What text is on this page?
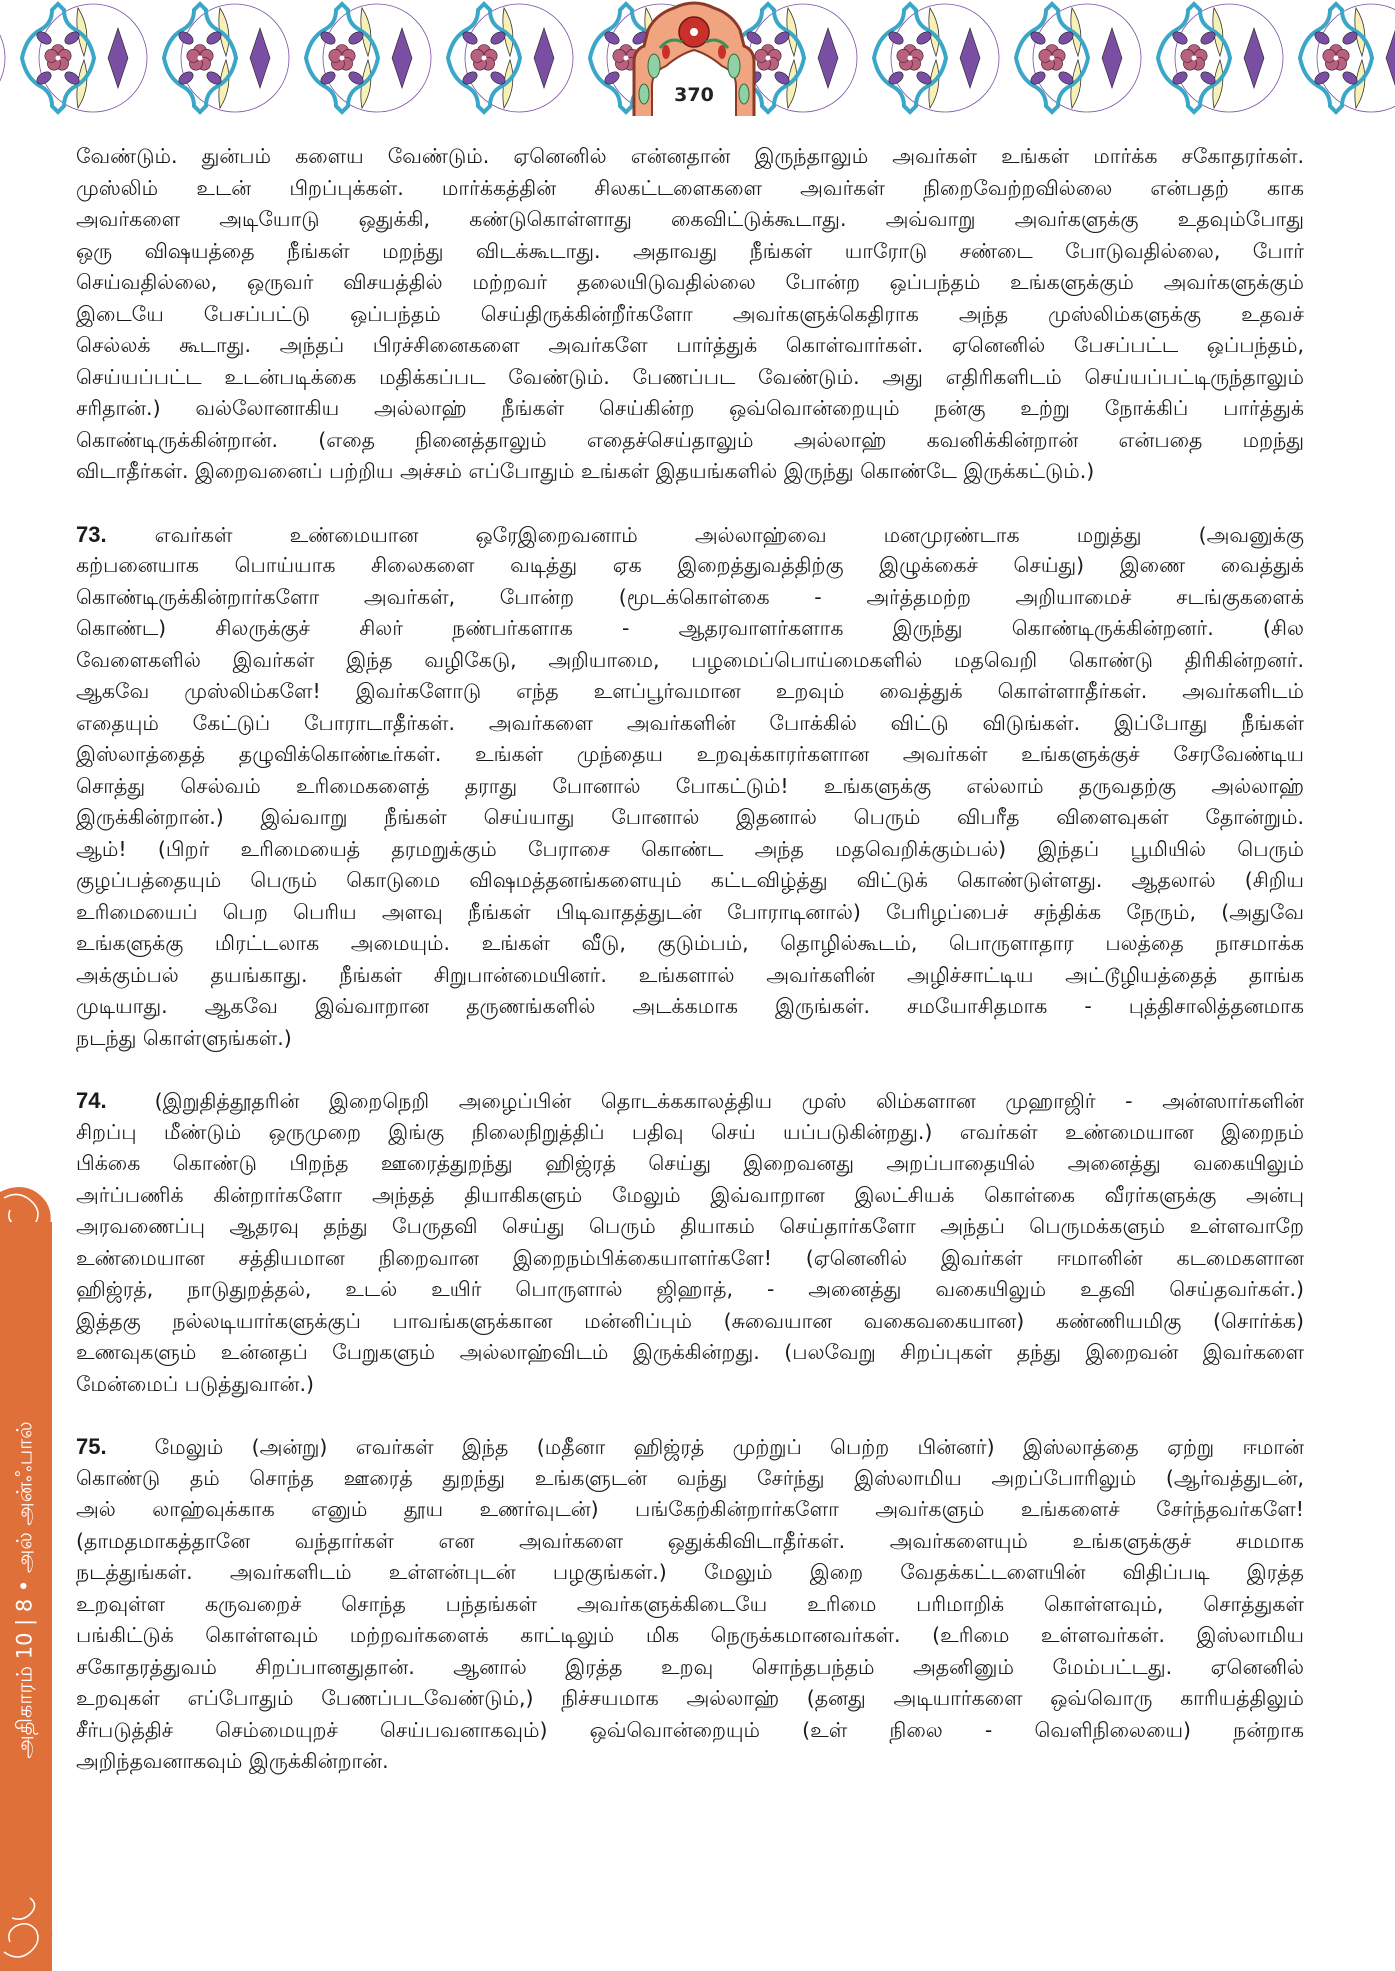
370
அதிகாரம் 10 | 8 • அல் அன்ஃபால்
வேண்டும். துன்பம் களைய வேண்டும். ஏனெனில் என்னதான் இருந்தாலும் அவர்கள் உங்கள் மார்க்க சகோதரர்கள்.
முஸ்லிம் உடன் பிறப்புக்கள். மார்க்கத்தின் சிலகட்டளைகளை அவர்கள் நிறைவேற்றவில்லை என்பதற் காக
அவர்களை அடியோடு ஒதுக்கி, கண்டுகொள்ளாது கைவிட்டுக்கூடாது. அவ்வாறு அவர்களுக்கு உதவும்போது
ஒரு விஷயத்தை நீங்கள் மறந்து விடக்கூடாது. அதாவது நீங்கள் யாரோடு சண்டை போடுவதில்லை, போர்
செய்வதில்லை, ஒருவர் விசயத்தில் மற்றவர் தலையிடுவதில்லை போன்ற ஒப்பந்தம் உங்களுக்கும் அவர்களுக்கும்
இடையே பேசப்பட்டு ஒப்பந்தம் செய்திருக்கின்றீர்களோ அவர்களுக்கெதிராக அந்த முஸ்லிம்களுக்கு உதவச்
செல்லக் கூடாது. அந்தப் பிரச்சினைகளை அவர்களே பார்த்துக் கொள்வார்கள். ஏனெனில் பேசப்பட்ட ஒப்பந்தம்,
செய்யப்பட்ட உடன்படிக்கை மதிக்கப்பட வேண்டும். பேணப்பட வேண்டும். அது எதிரிகளிடம் செய்யப்பட்டிருந்தாலும்
சரிதான்.) வல்லோனாகிய அல்லாஹ் நீங்கள் செய்கின்ற ஒவ்வொன்றையும் நன்கு உற்று நோக்கிப் பார்த்துக்
கொண்டிருக்கின்றான். (எதை நினைத்தாலும் எதைச்செய்தாலும் அல்லாஹ் கவனிக்கின்றான் என்பதை மறந்து
விடாதீர்கள். இறைவனைப் பற்றிய அச்சம் எப்போதும் உங்கள் இதயங்களில் இருந்து கொண்டே இருக்கட்டும்.)
73. எவர்கள் உண்மையான ஒரேஇறைவனாம் அல்லாஹ்வை மனமுரண்டாக மறுத்து (அவனுக்கு
கற்பனையாக பொய்யாக சிலைகளை வடித்து ஏக இறைத்துவத்திற்கு இழுக்கைச் செய்து) இணை வைத்துக்
கொண்டிருக்கின்றார்களோ அவர்கள், போன்ற (மூடக்கொள்கை - அர்த்தமற்ற அறியாமைச் சடங்குகளைக்
கொண்ட) சிலருக்குச் சிலர் நண்பர்களாக - ஆதரவாளர்களாக இருந்து கொண்டிருக்கின்றனர். (சில
வேளைகளில் இவர்கள் இந்த வழிகேடு, அறியாமை, பழமைப்பொய்மைகளில் மதவெறி கொண்டு திரிகின்றனர்.
ஆகவே முஸ்லிம்களே! இவர்களோடு எந்த உளப்பூர்வமான உறவும் வைத்துக் கொள்ளாதீர்கள். அவர்களிடம்
எதையும் கேட்டுப் போராடாதீர்கள். அவர்களை அவர்களின் போக்கில் விட்டு விடுங்கள். இப்போது நீங்கள்
இஸ்லாத்தைத் தழுவிக்கொண்டீர்கள். உங்கள் முந்தைய உறவுக்காரர்களான அவர்கள் உங்களுக்குச் சேரவேண்டிய
சொத்து செல்வம் உரிமைகளைத் தராது போனால் போகட்டும்! உங்களுக்கு எல்லாம் தருவதற்கு அல்லாஹ்
இருக்கின்றான்.) இவ்வாறு நீங்கள் செய்யாது போனால் இதனால் பெரும் விபரீத விளைவுகள் தோன்றும்.
ஆம்! (பிறர் உரிமையைத் தரமறுக்கும் பேராசை கொண்ட அந்த மதவெறிக்கும்பல்) இந்தப் பூமியில் பெரும்
குழப்பத்தையும் பெரும் கொடுமை விஷமத்தனங்களையும் கட்டவிழ்த்து விட்டுக் கொண்டுள்ளது. ஆதலால் (சிறிய
உரிமையைப் பெற பெரிய அளவு நீங்கள் பிடிவாதத்துடன் போராடினால்) பேரிழப்பைச் சந்திக்க நேரும், (அதுவே
உங்களுக்கு மிரட்டலாக அமையும். உங்கள் வீடு, குடும்பம், தொழில்கூடம், பொருளாதார பலத்தை நாசமாக்க
அக்கும்பல் தயங்காது. நீங்கள் சிறுபான்மையினர். உங்களால் அவர்களின் அழிச்சாட்டிய அட்டூழியத்தைத் தாங்க
முடியாது. ஆகவே இவ்வாறான தருணங்களில் அடக்கமாக இருங்கள். சமயோசிதமாக - புத்திசாலித்தனமாக
நடந்து கொள்ளுங்கள்.)
74. (இறுதித்தூதரின் இறைநெறி அழைப்பின் தொடக்ககாலத்திய முஸ் லிம்களான முஹாஜிர் - அன்ஸார்களின்
சிறப்பு மீண்டும் ஒருமுறை இங்கு நிலைநிறுத்திப் பதிவு செய் யப்படுகின்றது.) எவர்கள் உண்மையான இறைநம்
பிக்கை கொண்டு பிறந்த ஊரைத்துறந்து ஹிஜ்ரத் செய்து இறைவனது அறப்பாதையில் அனைத்து வகையிலும்
அர்ப்பணிக் கின்றார்களோ அந்தத் தியாகிகளும் மேலும் இவ்வாறான இலட்சியக் கொள்கை வீரர்களுக்கு அன்பு
அரவணைப்பு ஆதரவு தந்து பேருதவி செய்து பெரும் தியாகம் செய்தார்களோ அந்தப் பெருமக்களும் உள்ளவாறே
உண்மையான சத்தியமான நிறைவான இறைநம்பிக்கையாளர்களே! (ஏனெனில் இவர்கள் ஈமானின் கடமைகளான
ஹிஜ்ரத், நாடுதுறத்தல், உடல் உயிர் பொருளால் ஜிஹாத், - அனைத்து வகையிலும் உதவி செய்தவர்கள்.)
இத்தகு நல்லடியார்களுக்குப் பாவங்களுக்கான மன்னிப்பும் (சுவையான வகைவகையான) கண்ணியமிகு (சொர்க்க)
உணவுகளும் உன்னதப் பேறுகளும் அல்லாஹ்விடம் இருக்கின்றது. (பலவேறு சிறப்புகள் தந்து இறைவன் இவர்களை
மேன்மைப் படுத்துவான்.)
75. மேலும் (அன்று) எவர்கள் இந்த (மதீனா ஹிஜ்ரத் முற்றுப் பெற்ற பின்னர்) இஸ்லாத்தை ஏற்று ஈமான்
கொண்டு தம் சொந்த ஊரைத் துறந்து உங்களுடன் வந்து சேர்ந்து இஸ்லாமிய அறப்போரிலும் (ஆர்வத்துடன்,
அல் லாஹ்வுக்காக எனும் தூய உணர்வுடன்) பங்கேற்கின்றார்களோ அவர்களும் உங்களைச் சேர்ந்தவர்களே!
(தாமதமாகத்தானே வந்தார்கள் என அவர்களை ஒதுக்கிவிடாதீர்கள். அவர்களையும் உங்களுக்குச் சமமாக
நடத்துங்கள். அவர்களிடம் உள்ளன்புடன் பழகுங்கள்.) மேலும் இறை வேதக்கட்டளையின் விதிப்படி இரத்த
உறவுள்ள கருவறைச் சொந்த பந்தங்கள் அவர்களுக்கிடையே உரிமை பரிமாறிக் கொள்ளவும், சொத்துகள்
பங்கிட்டுக் கொள்ளவும் மற்றவர்களைக் காட்டிலும் மிக நெருக்கமானவர்கள். (உரிமை உள்ளவர்கள். இஸ்லாமிய
சகோதரத்துவம் சிறப்பானதுதான். ஆனால் இரத்த உறவு சொந்தபந்தம் அதனினும் மேம்பட்டது. ஏனெனில்
உறவுகள் எப்போதும் பேணப்படவேண்டும்,) நிச்சயமாக அல்லாஹ் (தனது அடியார்களை ஒவ்வொரு காரியத்திலும்
சீர்படுத்திச் செம்மையுறச் செய்பவனாகவும்) ஒவ்வொன்றையும் (உள் நிலை - வெளிநிலையை) நன்றாக
அறிந்தவனாகவும் இருக்கின்றான்.
